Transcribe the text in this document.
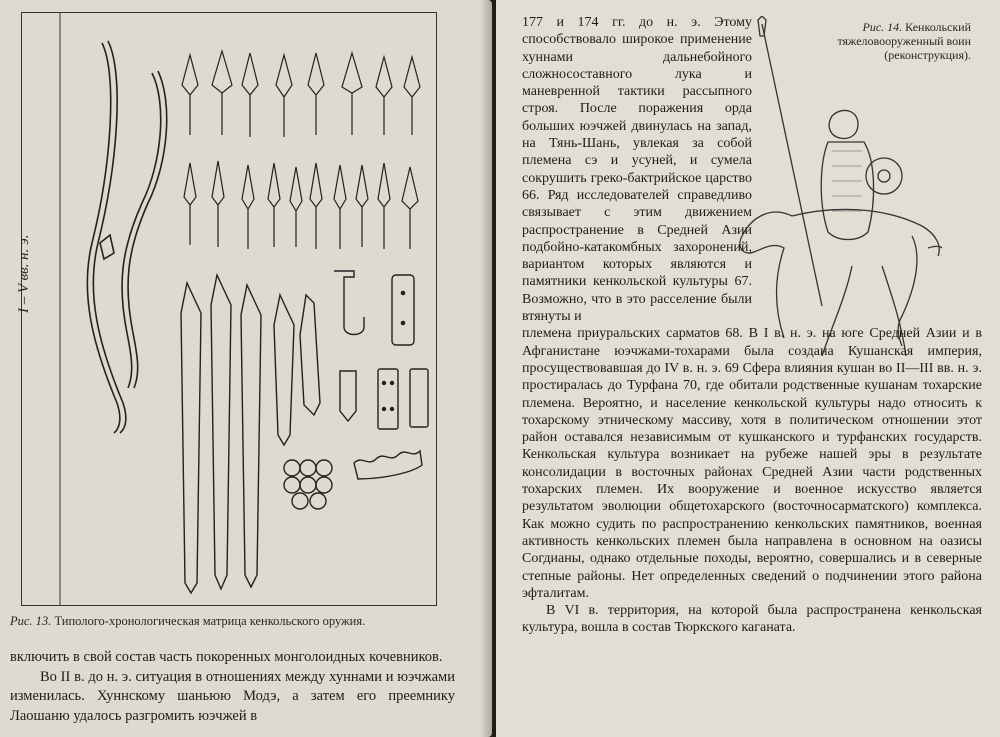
I – V вв. н. э.
Рис. 13. Типолого-хронологическая матрица кенкольского оружия.

включить в свой состав часть покоренных монголоидных кочевников.

Во II в. до н. э. ситуация в отношениях между хуннами и юэчжами изменилась. Хуннскому шаньюю Модэ, а затем его преемнику Лаошаню удалось разгромить юэчжей в

Рис. 14. Кенкольский тяжеловооруженный воин (реконструкция).

177 и 174 гг. до н. э. Этому способствовало широкое применение хуннами дальнебойного сложносоставного лука и маневренной тактики рассыпного строя. После поражения орда больших юэчжей двинулась на запад, на Тянь-Шань, увлекая за собой племена сэ и усуней, и сумела сокрушить греко-бактрийское царство 66. Ряд исследователей справедливо связывает с этим движением распространение в Средней Азии подбойно-катакомбных захоронений, вариантом которых являются и памятники кенкольской культуры 67. Возможно, что в это расселение были втянуты и

племена приуральских сарматов 68. В I в. н. э. на юге Средней Азии и в Афганистане юэчжами-тохарами была создана Кушанская империя, просуществовавшая до IV в. н. э. 69 Сфера влияния кушан во II—III вв. н. э. простиралась до Турфана 70, где обитали родственные кушанам тохарские племена. Вероятно, и население кенкольской культуры надо относить к тохарскому этническому массиву, хотя в политическом отношении этот район оставался независимым от кушканского и турфанских государств. Кенкольская культура возникает на рубеже нашей эры в результате консолидации в восточных районах Средней Азии части родственных тохарских племен. Их вооружение и военное искусство является результатом эволюции общетохарского (восточносарматского) комплекса. Как можно судить по распространению кенкольских памятников, военная активность кенкольских племен была направлена в основном на оазисы Согдианы, однако отдельные походы, вероятно, совершались и в северные степные районы. Нет определенных сведений о подчинении этого района эфталитам.

В VI в. территория, на которой была распространена кенкольская культура, вошла в состав Тюркского каганата.
